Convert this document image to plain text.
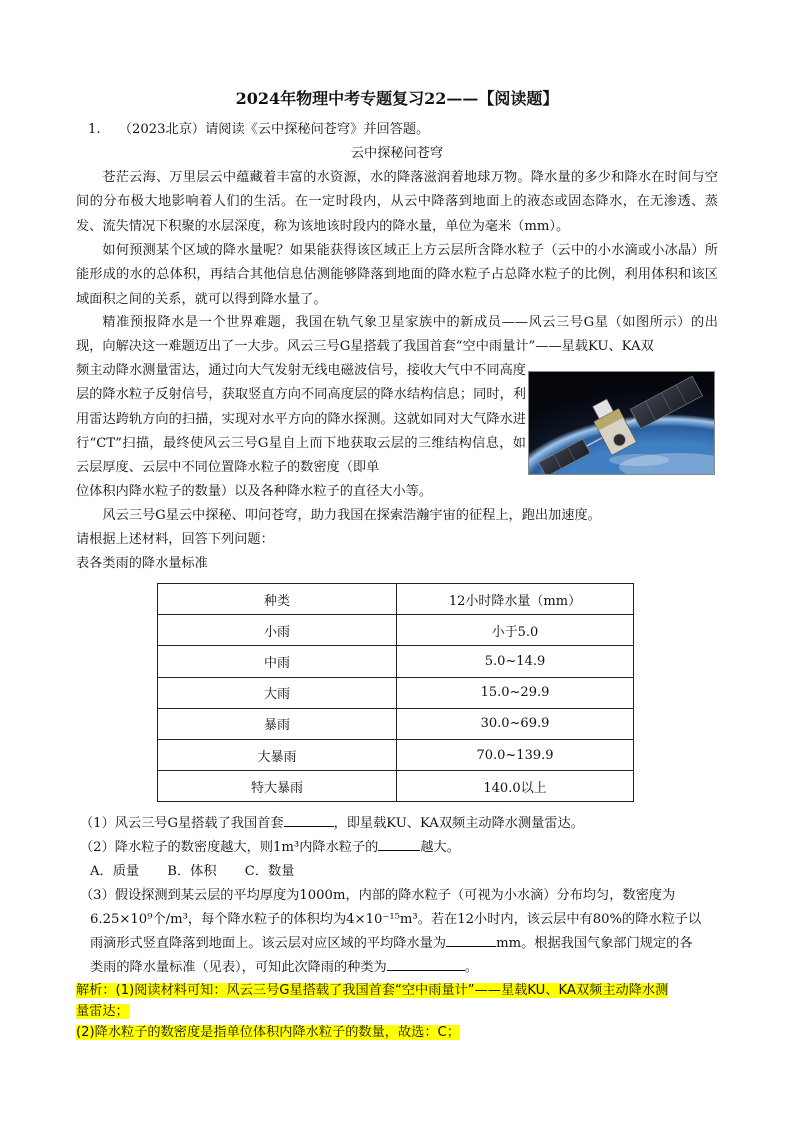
2024年物理中考专题复习22——【阅读题】
1. （2023北京）请阅读《云中探秘问苍穹》并回答题。
云中探秘问苍穹

苍茫云海、万里层云中蕴藏着丰富的水资源，水的降落滋润着地球万物。降水量的多少和降水在时间与空间的分布极大地影响着人们的生活。在一定时段内，从云中降落到地面上的液态或固态降水，在无渗透、蒸发、流失情况下积聚的水层深度，称为该地该时段内的降水量，单位为毫米（mm）。

如何预测某个区域的降水量呢？如果能获得该区域正上方云层所含降水粒子（云中的小水滴或小冰晶）所能形成的水的总体积，再结合其他信息估测能够降落到地面的降水粒子占总降水粒子的比例，利用体积和该区域面积之间的关系，就可以得到降水量了。

精准预报降水是一个世界难题，我国在轨气象卫星家族中的新成员——风云三号G星（如图所示）的出现，向解决这一难题迈出了一大步。风云三号G星搭载了我国首套“空中雨量计”——星载KU、KA双

频主动降水测量雷达，通过向大气发射无线电磁波信号，接收大气中不同高度层的降水粒子反射信号，获取竖直方向不同高度层的降水结构信息；同时，利用雷达跨轨方向的扫描，实现对水平方向的降水探测。这就如同对大气降水进行“CT”扫描，最终使风云三号G星自上而下地获取云层的三维结构信息，如云层厚度、云层中不同位置降水粒子的数密度（即单

位体积内降水粒子的数量）以及各种降水粒子的直径大小等。

风云三号G星云中探秘、叩问苍穹，助力我国在探索浩瀚宇宙的征程上，跑出加速度。

请根据上述材料，回答下列问题：
表各类雨的降水量标准
种类	12小时降水量（mm）
小雨	小于5.0
中雨	5.0~14.9
大雨	15.0~29.9
暴雨	30.0~69.9
大暴雨	70.0~139.9
特大暴雨	140.0以上
（1）风云三号G星搭载了我国首套	，即星载KU、KA双频主动降水测量雷达。
（2）降水粒子的数密度越大，则1m³内降水粒子的	越大。
A．质量 B．体积 C．数量
（3）假设探测到某云层的平均厚度为1000m，内部的降水粒子（可视为小水滴）分布均匀，数密度为
6.25×10⁹个/m³，每个降水粒子的体积均为4×10⁻¹⁵m³。若在12小时内，该云层中有80%的降水粒子以
雨滴形式竖直降落到地面上。该云层对应区域的平均降水量为	mm。根据我国气象部门规定的各
类雨的降水量标准（见表），可知此次降雨的种类为	。
解析：(1)阅读材料可知：风云三号G星搭载了我国首套“空中雨量计”——星载KU、KA双频主动降水测
量雷达；
(2)降水粒子的数密度是指单位体积内降水粒子的数量，故选：C；
